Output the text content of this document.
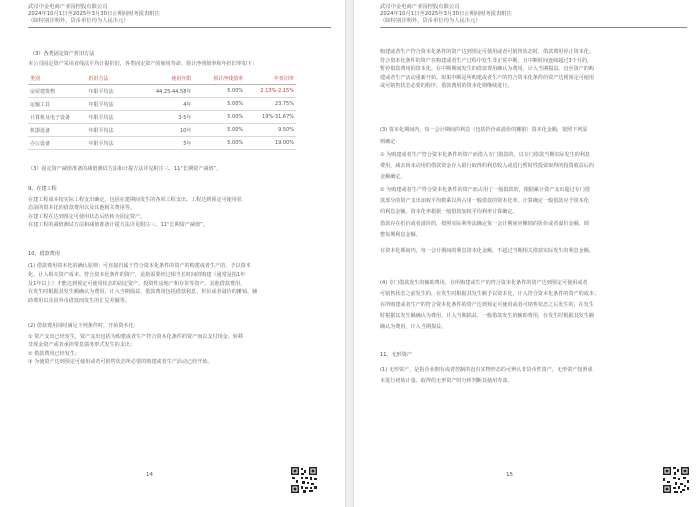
武汉中金电商产业园控股有限公司
2024年10月1日至2025年3月30日止期间财务报表附注
（除特别注明外，货币单位均为人民币元）
（3）各类固定资产折旧方法
本公司固定资产采用直线法平均计提折旧，各类固定资产的使用寿命、预计净残值率和年折旧率如下：
类别	折旧方法	使用年限	预计净残值率	年折旧率
房屋建筑物	年限平均法	44.25-44.58年	5.00%	2.13%-2.15%
运输工具	年限平均法	4年	5.00%	23.75%
计算机及电子设备	年限平均法	3-5年	5.00%	19%-31.67%
机器设备	年限平均法	10年	5.00%	9.50%
办公设备	年限平均法	5年	5.00%	19.00%
（3）固定资产减值准备的减值测试方法和计提方法详见附注三、11“长期资产减值”。
9、在建工程
在建工程成本按实际工程支出确定，包括在建期间发生的各项工程支出、工程达到预定可使用状
态前的资本化的借款费用以及其他相关费用等。
在建工程在达到预定可使用状态后结转为固定资产。
在建工程的减值测试方法和减值准备计提方法详见附注三、11“长期资产减值”。
10、借款费用
(1) 借款费用资本化的确认原则：可直接归属于符合资本化条件的资产的购建或者生产的，予以资本
化，计入相关资产成本。符合资本化条件的资产，是指需要经过相当长时间的购建（通常是指1年
及1年以上）才能达到预定可使用状态的固定资产、投资性房地产和存货等资产。其他借款费用，
在发生时根据其发生额确认为费用，计入当期损益。借款费用包括借款利息、折价或者溢价的摊销、辅
助费用以及因外币借款而发生的汇兑差额等。
(2) 借款费用同时满足下列条件时，开始资本化：
① 资产支出已经发生，资产支出包括为购建或者生产符合资本化条件的资产而以支付现金、转移
非现金资产或者承担带息债务形式发生的支出；
② 借款费用已经发生；
③ 为使资产达到预定可使用或者可销售状态所必要的购建或者生产活动已经开始。
14
武汉中金电商产业园控股有限公司
2024年10月1日至2025年3月30日止期间财务报表附注
（除特别注明外，货币单位均为人民币元）
购建或者生产符合资本化条件的资产达到预定可使用或者可销售状态时，借款费用停止资本化。
符合资本化条件的资产在购建或者生产过程中发生非正常中断，且中断时间连续超过3个月的，
暂停借款费用的资本化。在中断期间发生的借款费用确认为费用，计入当期损益，直至资产的购
建或者生产活动重新开始。如果中断是所购建或者生产的符合资本化条件的资产达到预定可使用
或可销售状态必要的程序，借款费用的资本化则继续进行。
(3) 资本化期间内，每一会计期间的利息（包括折价或溢价的摊销）资本化金额，按照下列原
则确定：
① 为购建或者生产符合资本化条件的资产而借入专门借款的，以专门借款当期实际发生的利息
费用，减去尚未动用的借款资金存入银行取得的利息收入或进行暂时性投资取得的投资收益后的
金额确定。
② 为购建或者生产符合资本化条件的资产而占用了一般借款的，根据累计资产支出超过专门借
款部分的资产支出加权平均数乘以所占用一般借款的资本化率，计算确定一般借款应予资本化
的利息金额。资本化率根据一般借款加权平均利率计算确定。
借款存在折价或者溢价的，按照实际利率法确定每一会计期间应摊销的折价或者溢价金额，调
整每期利息金额。
在资本化期间内，每一会计期间的利息资本化金额，不超过当期相关借款实际发生的利息金额。
(4) 专门借款发生的辅助费用，在所购建或生产的符合资本化条件的资产达到预定可使用或者
可销售状态之前发生的，在发生时根据其发生额予以资本化，计入符合资本化条件的资产的成本；
在所购建或者生产的符合资本化条件的资产达到预定可使用或者可销售状态之后发生的，在发生
时根据其发生额确认为费用，计入当期损益。一般借款发生的辅助费用，在发生时根据其发生额
确认为费用，计入当期损益。
11、无形资产
(1) 无形资产，是指企业拥有或者控制的没有实物形态的可辨认非货币性资产。无形资产按照成
本进行初始计量。取得的无形资产时分析判断其使用寿命。
15
